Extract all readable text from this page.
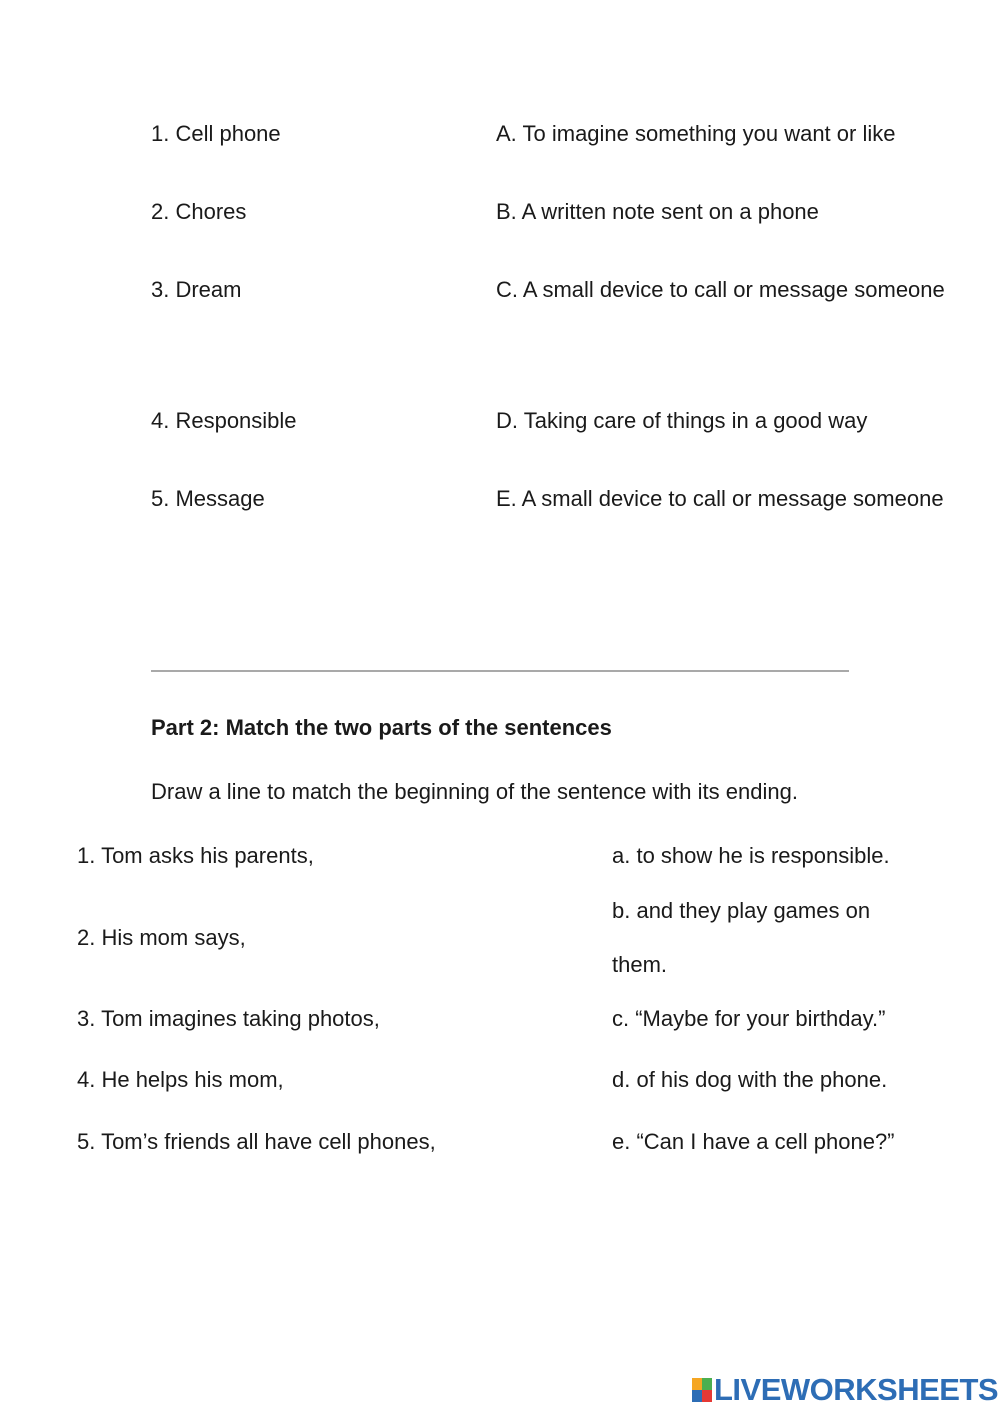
1. Cell phone
2. Chores
3. Dream
4. Responsible
5. Message
A. To imagine something you want or like
B. A written note sent on a phone
C. A small device to call or message someone
D. Taking care of things in a good way
E. A small device to call or message someone
Part 2: Match the two parts of the sentences
Draw a line to match the beginning of the sentence with its ending.
1. Tom asks his parents,
2. His mom says,
3. Tom imagines taking photos,
4. He helps his mom,
5. Tom’s friends all have cell phones,
a. to show he is responsible.
b. and they play games on
them.
c. “Maybe for your birthday.”
d. of his dog with the phone.
e. “Can I have a cell phone?”
LIVEWORKSHEETS
